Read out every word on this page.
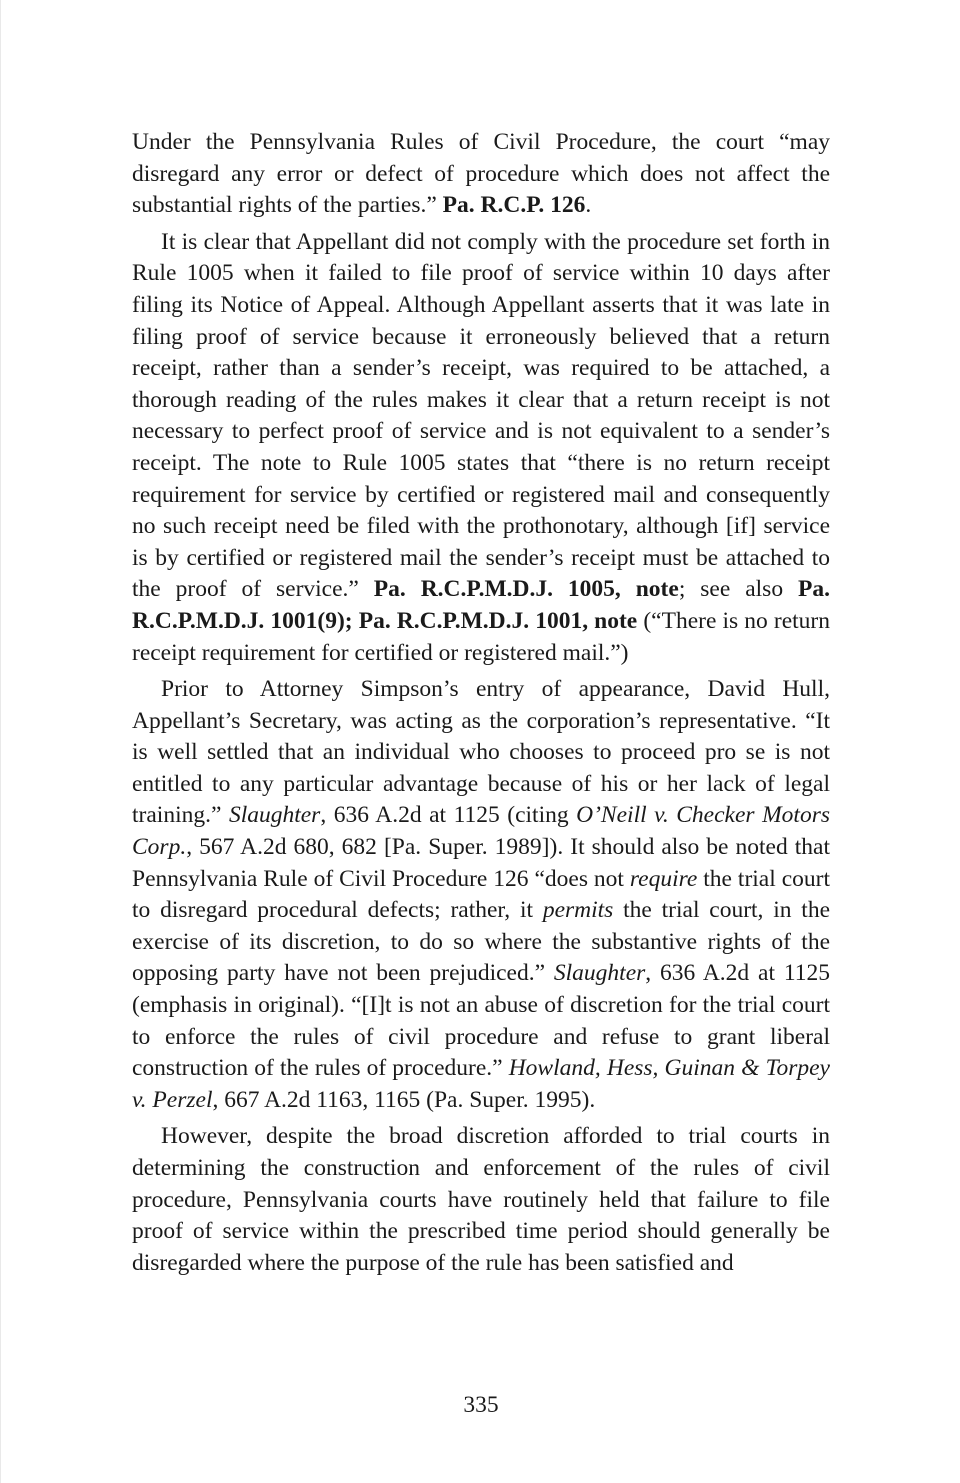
Under the Pennsylvania Rules of Civil Procedure, the court “may disregard any error or defect of procedure which does not affect the substantial rights of the parties.” Pa. R.C.P. 126.

It is clear that Appellant did not comply with the procedure set forth in Rule 1005 when it failed to file proof of service within 10 days after filing its Notice of Appeal. Although Appellant asserts that it was late in filing proof of service because it erroneously believed that a return receipt, rather than a sender’s receipt, was required to be attached, a thorough reading of the rules makes it clear that a return receipt is not necessary to perfect proof of service and is not equivalent to a sender’s receipt. The note to Rule 1005 states that “there is no return receipt requirement for service by certified or registered mail and consequently no such receipt need be filed with the prothonotary, although [if] service is by certified or registered mail the sender’s receipt must be attached to the proof of service.” Pa. R.C.P.M.D.J. 1005, note; see also Pa. R.C.P.M.D.J. 1001(9); Pa. R.C.P.M.D.J. 1001, note (“There is no return receipt requirement for certified or registered mail.”)

Prior to Attorney Simpson’s entry of appearance, David Hull, Appellant’s Secretary, was acting as the corporation’s representative. “It is well settled that an individual who chooses to proceed pro se is not entitled to any particular advantage because of his or her lack of legal training.” Slaughter, 636 A.2d at 1125 (citing O’Neill v. Checker Motors Corp., 567 A.2d 680, 682 [Pa. Super. 1989]). It should also be noted that Pennsylvania Rule of Civil Procedure 126 “does not require the trial court to disregard procedural defects; rather, it permits the trial court, in the exercise of its discretion, to do so where the substantive rights of the opposing party have not been prejudiced.” Slaughter, 636 A.2d at 1125 (emphasis in original). “[I]t is not an abuse of discretion for the trial court to enforce the rules of civil procedure and refuse to grant liberal construction of the rules of procedure.” Howland, Hess, Guinan & Torpey v. Perzel, 667 A.2d 1163, 1165 (Pa. Super. 1995).

However, despite the broad discretion afforded to trial courts in determining the construction and enforcement of the rules of civil procedure, Pennsylvania courts have routinely held that failure to file proof of service within the prescribed time period should generally be disregarded where the purpose of the rule has been satisfied and

335
